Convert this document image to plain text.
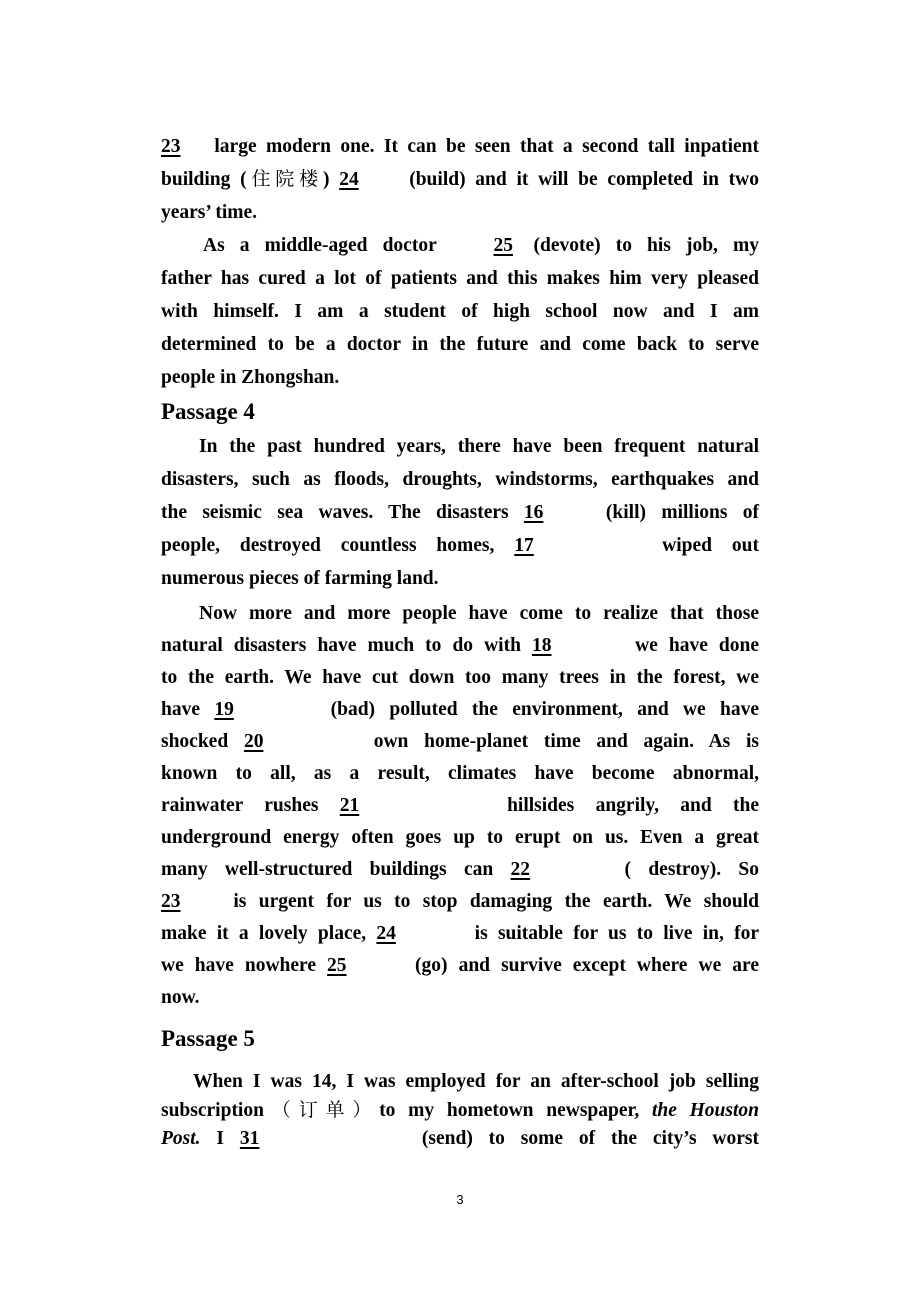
23 large modern one. It can be seen that a second tall inpatient

building (住院楼) 24	(build) and it will be completed in two

years’ time.

As a middle-aged doctor	25 (devote) to his job, my

father has cured a lot of patients and this makes him very pleased

with himself. I am a student of high school now and I am

determined to be a doctor in the future and come back to serve

people in Zhongshan.

Passage 4

In the past hundred years, there have been frequent natural

disasters, such as floods, droughts, windstorms, earthquakes and

the seismic sea waves. The disasters 16	(kill) millions of

people, destroyed countless homes, 17	wiped out

numerous pieces of farming land.

Now more and more people have come to realize that those

natural disasters have much to do with 18	we have done

to the earth. We have cut down too many trees in the forest, we

have 19	(bad) polluted the environment, and we have

shocked 20	own home-planet time and again. As is

known to all, as a result, climates have become abnormal,

rainwater rushes 21	hillsides angrily, and the

underground energy often goes up to erupt on us. Even a great

many well-structured buildings can 22	( destroy). So

23	is urgent for us to stop damaging the earth. We should

make it a lovely place, 24	is suitable for us to live in, for

we have nowhere 25	(go) and survive except where we are

now.

Passage 5

When I was 14, I was employed for an after-school job selling

subscription（订单）to my hometown newspaper, the Houston

Post. I 31	(send) to some of the city’s worst

3
